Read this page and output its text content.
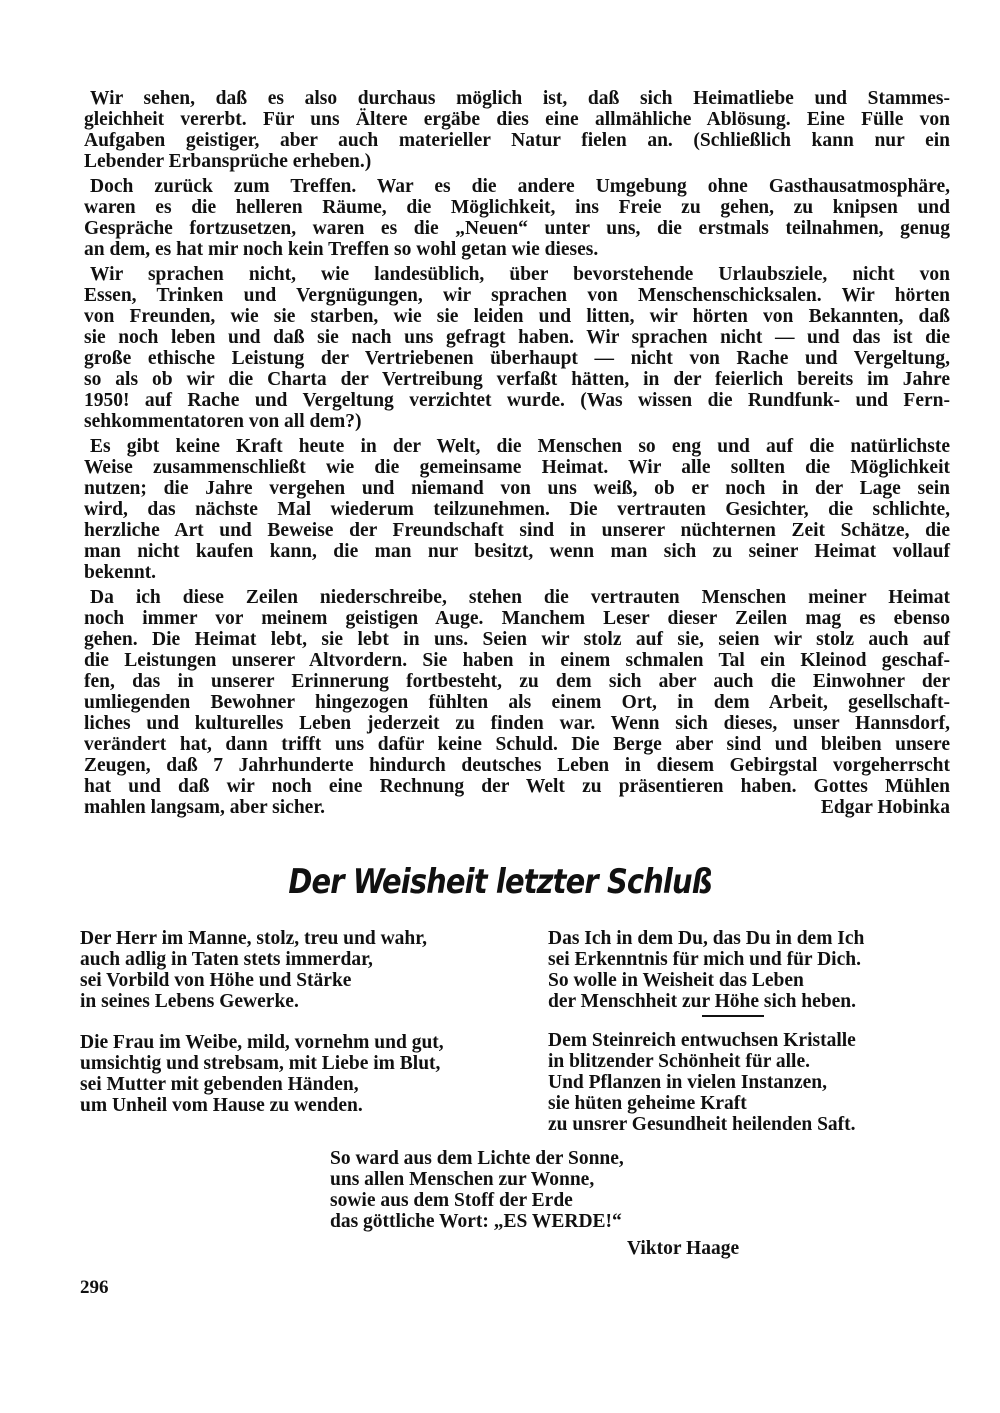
Wir sehen, daß es also durchaus möglich ist, daß sich Heimatliebe und Stammes-
gleichheit vererbt. Für uns Ältere ergäbe dies eine allmähliche Ablösung. Eine Fülle von
Aufgaben geistiger, aber auch materieller Natur fielen an. (Schließlich kann nur ein
Lebender Erbansprüche erheben.)
Doch zurück zum Treffen. War es die andere Umgebung ohne Gasthausatmosphäre,
waren es die helleren Räume, die Möglichkeit, ins Freie zu gehen, zu knipsen und
Gespräche fortzusetzen, waren es die „Neuen“ unter uns, die erstmals teilnahmen, genug
an dem, es hat mir noch kein Treffen so wohl getan wie dieses.
Wir sprachen nicht, wie landesüblich, über bevorstehende Urlaubsziele, nicht von
Essen, Trinken und Vergnügungen, wir sprachen von Menschenschicksalen. Wir hörten
von Freunden, wie sie starben, wie sie leiden und litten, wir hörten von Bekannten, daß
sie noch leben und daß sie nach uns gefragt haben. Wir sprachen nicht — und das ist die
große ethische Leistung der Vertriebenen überhaupt — nicht von Rache und Vergeltung,
so als ob wir die Charta der Vertreibung verfaßt hätten, in der feierlich bereits im Jahre
1950! auf Rache und Vergeltung verzichtet wurde. (Was wissen die Rundfunk- und Fern-
sehkommentatoren von all dem?)
Es gibt keine Kraft heute in der Welt, die Menschen so eng und auf die natürlichste
Weise zusammenschließt wie die gemeinsame Heimat. Wir alle sollten die Möglichkeit
nutzen; die Jahre vergehen und niemand von uns weiß, ob er noch in der Lage sein
wird, das nächste Mal wiederum teilzunehmen. Die vertrauten Gesichter, die schlichte,
herzliche Art und Beweise der Freundschaft sind in unserer nüchternen Zeit Schätze, die
man nicht kaufen kann, die man nur besitzt, wenn man sich zu seiner Heimat vollauf
bekennt.
Da ich diese Zeilen niederschreibe, stehen die vertrauten Menschen meiner Heimat
noch immer vor meinem geistigen Auge. Manchem Leser dieser Zeilen mag es ebenso
gehen. Die Heimat lebt, sie lebt in uns. Seien wir stolz auf sie, seien wir stolz auch auf
die Leistungen unserer Altvordern. Sie haben in einem schmalen Tal ein Kleinod geschaf-
fen, das in unserer Erinnerung fortbesteht, zu dem sich aber auch die Einwohner der
umliegenden Bewohner hingezogen fühlten als einem Ort, in dem Arbeit, gesellschaft-
liches und kulturelles Leben jederzeit zu finden war. Wenn sich dieses, unser Hannsdorf,
verändert hat, dann trifft uns dafür keine Schuld. Die Berge aber sind und bleiben unsere
Zeugen, daß 7 Jahrhunderte hindurch deutsches Leben in diesem Gebirgstal vorgeherrscht
hat und daß wir noch eine Rechnung der Welt zu präsentieren haben. Gottes Mühlen
mahlen langsam, aber sicher.	Edgar Hobinka
Der Weisheit letzter Schluß
Der Herr im Manne, stolz, treu und wahr,
auch adlig in Taten stets immerdar,
sei Vorbild von Höhe und Stärke
in seines Lebens Gewerke.
Die Frau im Weibe, mild, vornehm und gut,
umsichtig und strebsam, mit Liebe im Blut,
sei Mutter mit gebenden Händen,
um Unheil vom Hause zu wenden.
Das Ich in dem Du, das Du in dem Ich
sei Erkenntnis für mich und für Dich.
So wolle in Weisheit das Leben
der Menschheit zur Höhe sich heben.
Dem Steinreich entwuchsen Kristalle
in blitzender Schönheit für alle.
Und Pflanzen in vielen Instanzen,
sie hüten geheime Kraft
zu unsrer Gesundheit heilenden Saft.
So ward aus dem Lichte der Sonne,
uns allen Menschen zur Wonne,
sowie aus dem Stoff der Erde
das göttliche Wort: „ES WERDE!“
Viktor Haage
296
